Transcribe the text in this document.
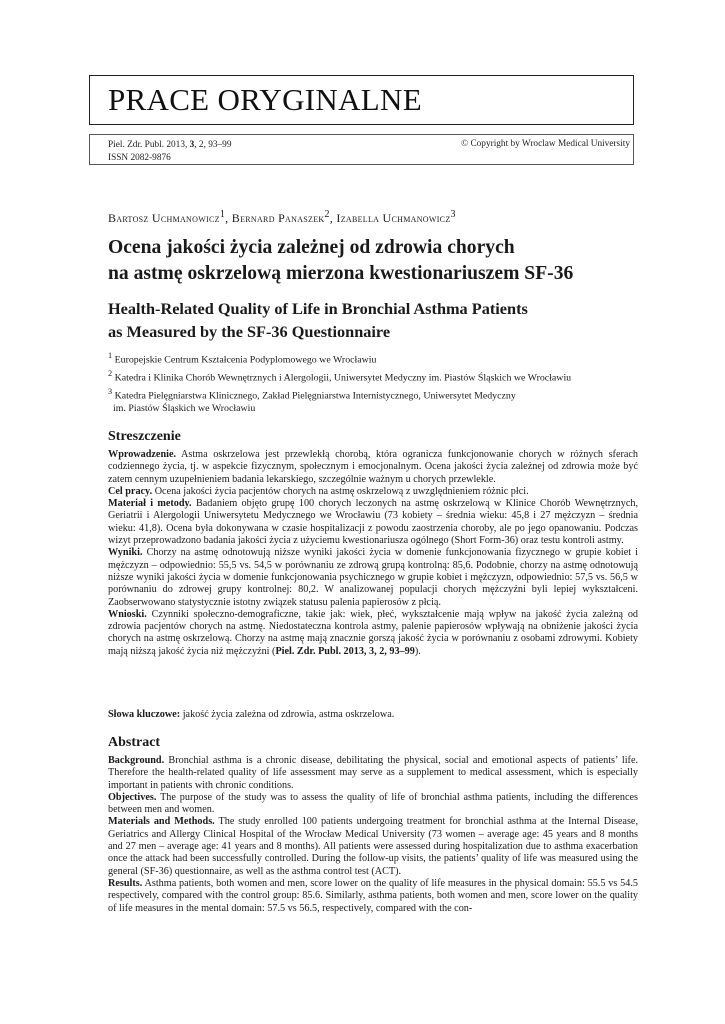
PRACE ORYGINALNE
Piel. Zdr. Publ. 2013, 3, 2, 93–99
ISSN 2082-9876
© Copyright by Wroclaw Medical University
Bartosz Uchmanowicz$^1$, Bernard Panaszek$^2$, Izabella Uchmanowicz$^3$
Ocena jakości życia zależnej od zdrowia chorych
na astmę oskrzelową mierzona kwestionariuszem SF-36
Health-Related Quality of Life in Bronchial Asthma Patients
as Measured by the SF-36 Questionnaire
$^1$ Europejskie Centrum Kształcenia Podyplomowego we Wrocławiu
$^2$ Katedra i Klinika Chorób Wewnętrznych i Alergologii, Uniwersytet Medyczny im. Piastów Śląskich we Wrocławiu
$^3$ Katedra Pielęgniarstwa Klinicznego, Zakład Pielęgniarstwa Internistycznego, Uniwersytet Medyczny
im. Piastów Śląskich we Wrocławiu
Streszczenie

Wprowadzenie. Astma oskrzelowa jest przewlekłą chorobą, która ogranicza funkcjonowanie chorych w różnych sferach codziennego życia, tj. w aspekcie fizycznym, społecznym i emocjonalnym. Ocena jakości życia zależnej od zdrowia może być zatem cennym uzupełnieniem badania lekarskiego, szczególnie ważnym u chorych przewlekle.

Cel pracy. Ocena jakości życia pacjentów chorych na astmę oskrzelową z uwzględnieniem różnic płci.

Materiał i metody. Badaniem objęto grupę 100 chorych leczonych na astmę oskrzelową w Klinice Chorób Wewnętrznych, Geriatrii i Alergologii Uniwersytetu Medycznego we Wrocławiu (73 kobiety – średnia wieku: 45,8 i 27 mężczyzn – średnia wieku: 41,8). Ocena była dokonywana w czasie hospitalizacji z powodu zaostrzenia choroby, ale po jego opanowaniu. Podczas wizyt przeprowadzono badania jakości życia z użyciemu kwestionariusza ogólnego (Short Form-36) oraz testu kontroli astmy.

Wyniki. Chorzy na astmę odnotowują niższe wyniki jakości życia w domenie funkcjonowania fizycznego w grupie kobiet i mężczyzn – odpowiednio: 55,5 vs. 54,5 w porównaniu ze zdrową grupą kontrolną: 85,6. Podobnie, chorzy na astmę odnotowują niższe wyniki jakości życia w domenie funkcjonowania psychicznego w grupie kobiet i mężczyzn, odpowiednio: 57,5 vs. 56,5 w porównaniu do zdrowej grupy kontrolnej: 80,2. W analizowanej populacji chorych mężczyźni byli lepiej wykształceni. Zaobserwowano statystycznie istotny związek statusu palenia papierosów z płcią.

Wnioski. Czynniki społeczno-demograficzne, takie jak: wiek, płeć, wykształcenie mają wpływ na jakość życia zależną od zdrowia pacjentów chorych na astmę. Niedostateczna kontrola astmy, palenie papierosów wpływają na obniżenie jakości życia chorych na astmę oskrzelową. Chorzy na astmę mają znacznie gorszą jakość życia w porównaniu z osobami zdrowymi. Kobiety mają niższą jakość życia niż mężczyźni (Piel. Zdr. Publ. 2013, 3, 2, 93–99).

Słowa kluczowe: jakość życia zależna od zdrowia, astma oskrzelowa.
Abstract

Background. Bronchial asthma is a chronic disease, debilitating the physical, social and emotional aspects of patients’ life. Therefore the health-related quality of life assessment may serve as a supplement to medical assessment, which is especially important in patients with chronic conditions.

Objectives. The purpose of the study was to assess the quality of life of bronchial asthma patients, including the differences between men and women.

Materials and Methods. The study enrolled 100 patients undergoing treatment for bronchial asthma at the Internal Disease, Geriatrics and Allergy Clinical Hospital of the Wrocław Medical University (73 women – average age: 45 years and 8 months and 27 men – average age: 41 years and 8 months). All patients were assessed during hospitalization due to asthma exacerbation once the attack had been successfully controlled. During the follow-up visits, the patients’ quality of life was measured using the general (SF-36) questionnaire, as well as the asthma control test (ACT).

Results. Asthma patients, both women and men, score lower on the quality of life measures in the physical domain: 55.5 vs 54.5 respectively, compared with the control group: 85.6. Similarly, asthma patients, both women and men, score lower on the quality of life measures in the mental domain: 57.5 vs 56.5, respectively, compared with the con-
